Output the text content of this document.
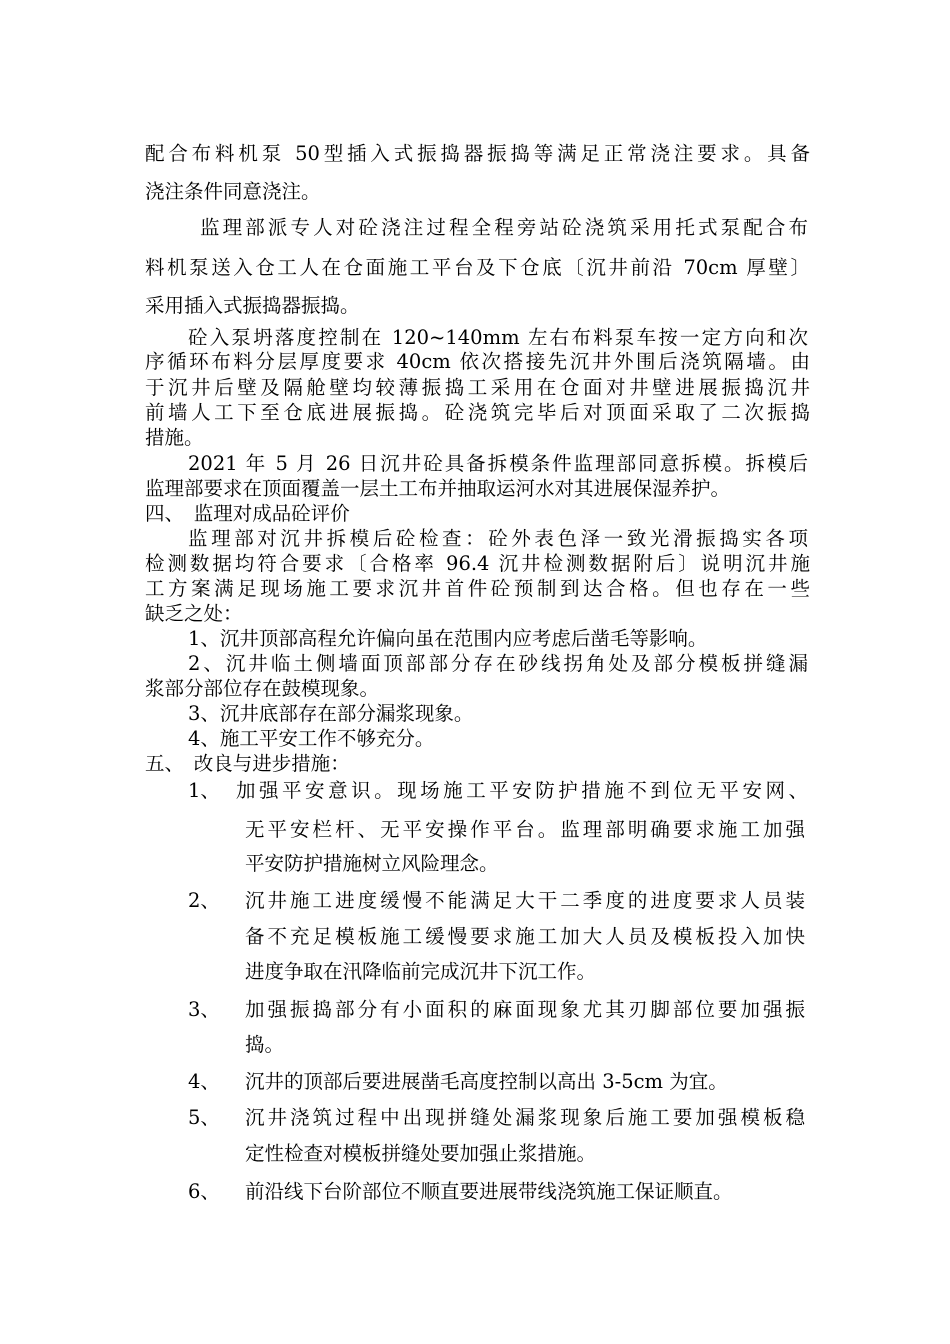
配合布料机泵 50型插入式振捣器振捣等满足正常浇注要求。具备
浇注条件同意浇注。
监理部派专人对砼浇注过程全程旁站砼浇筑采用托式泵配合布
料机泵送入仓工人在仓面施工平台及下仓底〔沉井前沿 70cm 厚壁〕
采用插入式振捣器振捣。
砼入泵坍落度控制在 120~140mm 左右布料泵车按一定方向和次
序循环布料分层厚度要求 40cm 依次搭接先沉井外围后浇筑隔墙。由
于沉井后壁及隔舱壁均较薄振捣工采用在仓面对井壁进展振捣沉井
前墙人工下至仓底进展振捣。砼浇筑完毕后对顶面采取了二次振捣
措施。
2021 年 5 月 26 日沉井砼具备拆模条件监理部同意拆模。拆模后
监理部要求在顶面覆盖一层土工布并抽取运河水对其进展保湿养护。
四、　监理对成品砼评价
监理部对沉井拆模后砼检查：砼外表色泽一致光滑振捣实各项
检测数据均符合要求〔合格率 96.4 沉井检测数据附后〕说明沉井施
工方案满足现场施工要求沉井首件砼预制到达合格。但也存在一些
缺乏之处：
1、沉井顶部高程允许偏向虽在范围内应考虑后凿毛等影响。
2、沉井临土侧墙面顶部部分存在砂线拐角处及部分模板拼缝漏
浆部分部位存在鼓模现象。
3、沉井底部存在部分漏浆现象。
4、施工平安工作不够充分。
五、　改良与进步措施：
1、 加强平安意识。现场施工平安防护措施不到位无平安网、
无平安栏杆、无平安操作平台。监理部明确要求施工加强
平安防护措施树立风险理念。
2、 沉井施工进度缓慢不能满足大干二季度的进度要求人员装
备不充足模板施工缓慢要求施工加大人员及模板投入加快
进度争取在汛降临前完成沉井下沉工作。
3、 加强振捣部分有小面积的麻面现象尤其刃脚部位要加强振
捣。
4、 沉井的顶部后要进展凿毛高度控制以高出 3-5cm 为宜。
5、 沉井浇筑过程中出现拼缝处漏浆现象后施工要加强模板稳
定性检查对模板拼缝处要加强止浆措施。
6、 前沿线下台阶部位不顺直要进展带线浇筑施工保证顺直。
